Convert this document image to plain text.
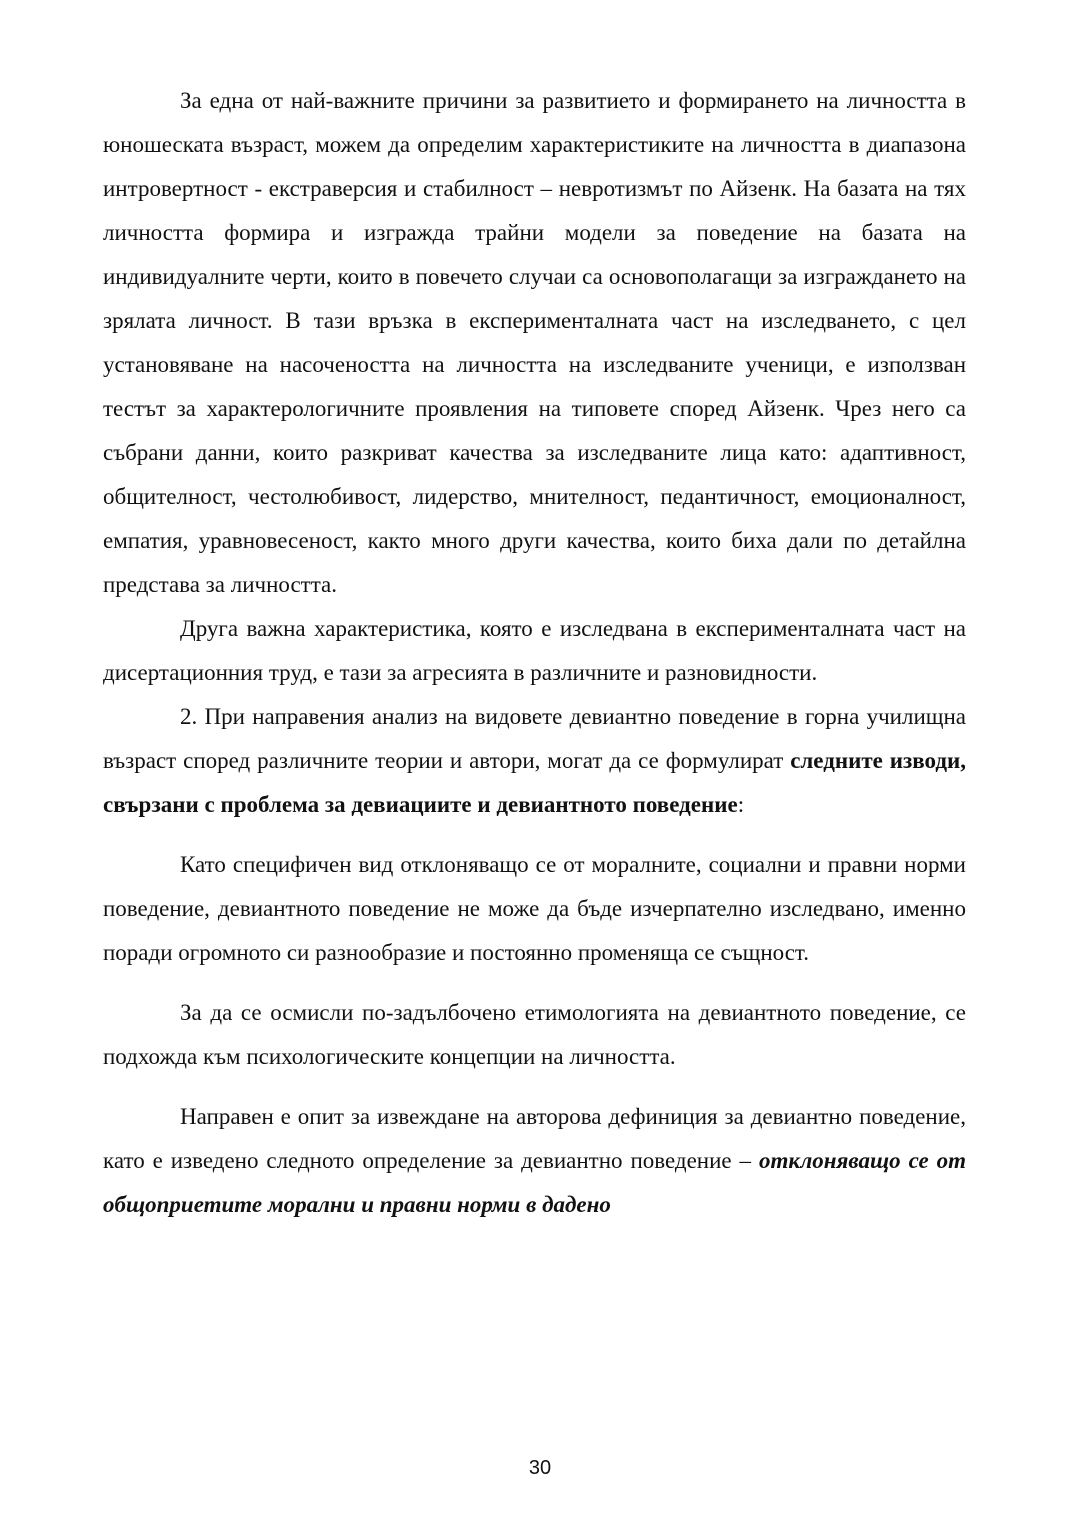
За една от най-важните причини за развитието и формирането на личността в юношеската възраст, можем да определим характеристиките на личността в диапазона интровертност - екстраверсия и стабилност – невротизмът по Айзенк. На базата на тях личността формира и изгражда трайни модели за поведение на базата на индивидуалните черти, които в повечето случаи са основополагащи за изграждането на зрялата личност. В тази връзка в експерименталната част на изследването, с цел установяване на насочеността на личността на изследваните ученици, е използван тестът за характерологичните проявления на типовете според Айзенк. Чрез него са събрани данни, които разкриват качества за изследваните лица като: адаптивност, общителност, честолюбивост, лидерство, мнителност, педантичност, емоционалност, емпатия, уравновесеност, както много други качества, които биха дали по детайлна представа за личността.

Друга важна характеристика, която е изследвана в експерименталната част на дисертационния труд, е тази за агресията в различните и разновидности.

2. При направения анализ на видовете девиантно поведение в горна училищна възраст според различните теории и автори, могат да се формулират следните изводи, свързани с проблема за девиациите и девиантното поведение:

Като специфичен вид отклоняващо се от моралните, социални и правни норми поведение, девиантното поведение не може да бъде изчерпателно изследвано, именно поради огромното си разнообразие и постоянно променяща се същност.

За да се осмисли по-задълбочено етимологията на девиантното поведение, се подхожда към психологическите концепции на личността.

Направен е опит за извеждане на авторова дефиниция за девиантно поведение, като е изведено следното определение за девиантно поведение – отклоняващо се от общоприетите морални и правни норми в дадено

30
